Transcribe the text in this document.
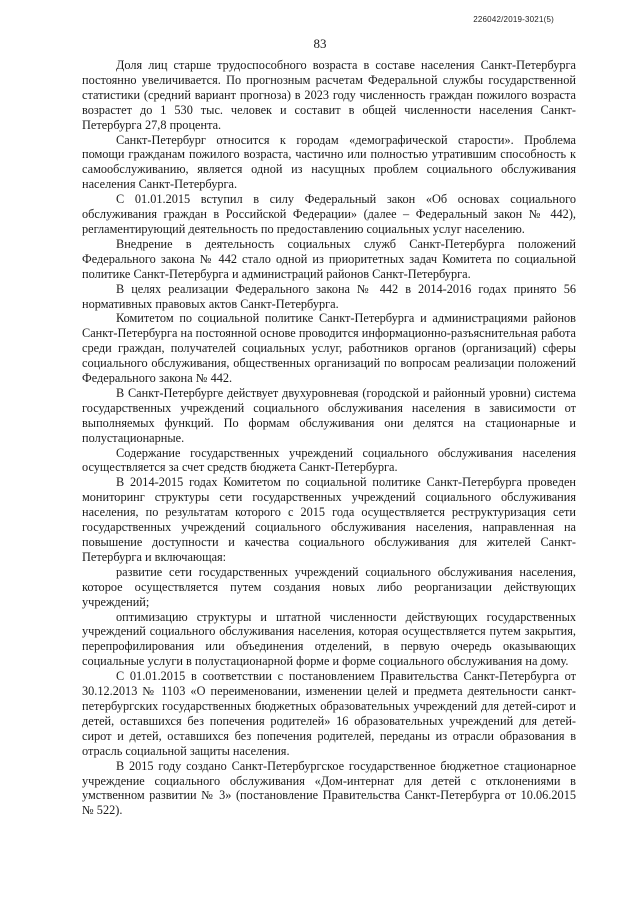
226042/2019-3021(5)
83

Доля лиц старше трудоспособного возраста в составе населения Санкт-Петербурга постоянно увеличивается. По прогнозным расчетам Федеральной службы государственной статистики (средний вариант прогноза) в 2023 году численность граждан пожилого возраста возрастет до 1 530 тыс. человек и составит в общей численности населения Санкт-Петербурга 27,8 процента.

Санкт-Петербург относится к городам «демографической старости». Проблема помощи гражданам пожилого возраста, частично или полностью утратившим способность к самообслуживанию, является одной из насущных проблем социального обслуживания населения Санкт-Петербурга.

С 01.01.2015 вступил в силу Федеральный закон «Об основах социального обслуживания граждан в Российской Федерации» (далее – Федеральный закон № 442), регламентирующий деятельность по предоставлению социальных услуг населению.

Внедрение в деятельность социальных служб Санкт-Петербурга положений Федерального закона № 442 стало одной из приоритетных задач Комитета по социальной политике Санкт-Петербурга и администраций районов Санкт-Петербурга.

В целях реализации Федерального закона № 442 в 2014-2016 годах принято 56 нормативных правовых актов Санкт-Петербурга.

Комитетом по социальной политике Санкт-Петербурга и администрациями районов Санкт-Петербурга на постоянной основе проводится информационно-разъяснительная работа среди граждан, получателей социальных услуг, работников органов (организаций) сферы социального обслуживания, общественных организаций по вопросам реализации положений Федерального закона № 442.

В Санкт-Петербурге действует двухуровневая (городской и районный уровни) система государственных учреждений социального обслуживания населения в зависимости от выполняемых функций. По формам обслуживания они делятся на стационарные и полустационарные.

Содержание государственных учреждений социального обслуживания населения осуществляется за счет средств бюджета Санкт-Петербурга.

В 2014-2015 годах Комитетом по социальной политике Санкт-Петербурга проведен мониторинг структуры сети государственных учреждений социального обслуживания населения, по результатам которого с 2015 года осуществляется реструктуризация сети государственных учреждений социального обслуживания населения, направленная на повышение доступности и качества социального обслуживания для жителей Санкт-Петербурга и включающая:

развитие сети государственных учреждений социального обслуживания населения, которое осуществляется путем создания новых либо реорганизации действующих учреждений;

оптимизацию структуры и штатной численности действующих государственных учреждений социального обслуживания населения, которая осуществляется путем закрытия, перепрофилирования или объединения отделений, в первую очередь оказывающих социальные услуги в полустационарной форме и форме социального обслуживания на дому.

С 01.01.2015 в соответствии с постановлением Правительства Санкт-Петербурга от 30.12.2013 № 1103 «О переименовании, изменении целей и предмета деятельности санкт-петербургских государственных бюджетных образовательных учреждений для детей-сирот и детей, оставшихся без попечения родителей» 16 образовательных учреждений для детей-сирот и детей, оставшихся без попечения родителей, переданы из отрасли образования в отрасль социальной защиты населения.

В 2015 году создано Санкт-Петербургское государственное бюджетное стационарное учреждение социального обслуживания «Дом-интернат для детей с отклонениями в умственном развитии № 3» (постановление Правительства Санкт-Петербурга от 10.06.2015 № 522).
